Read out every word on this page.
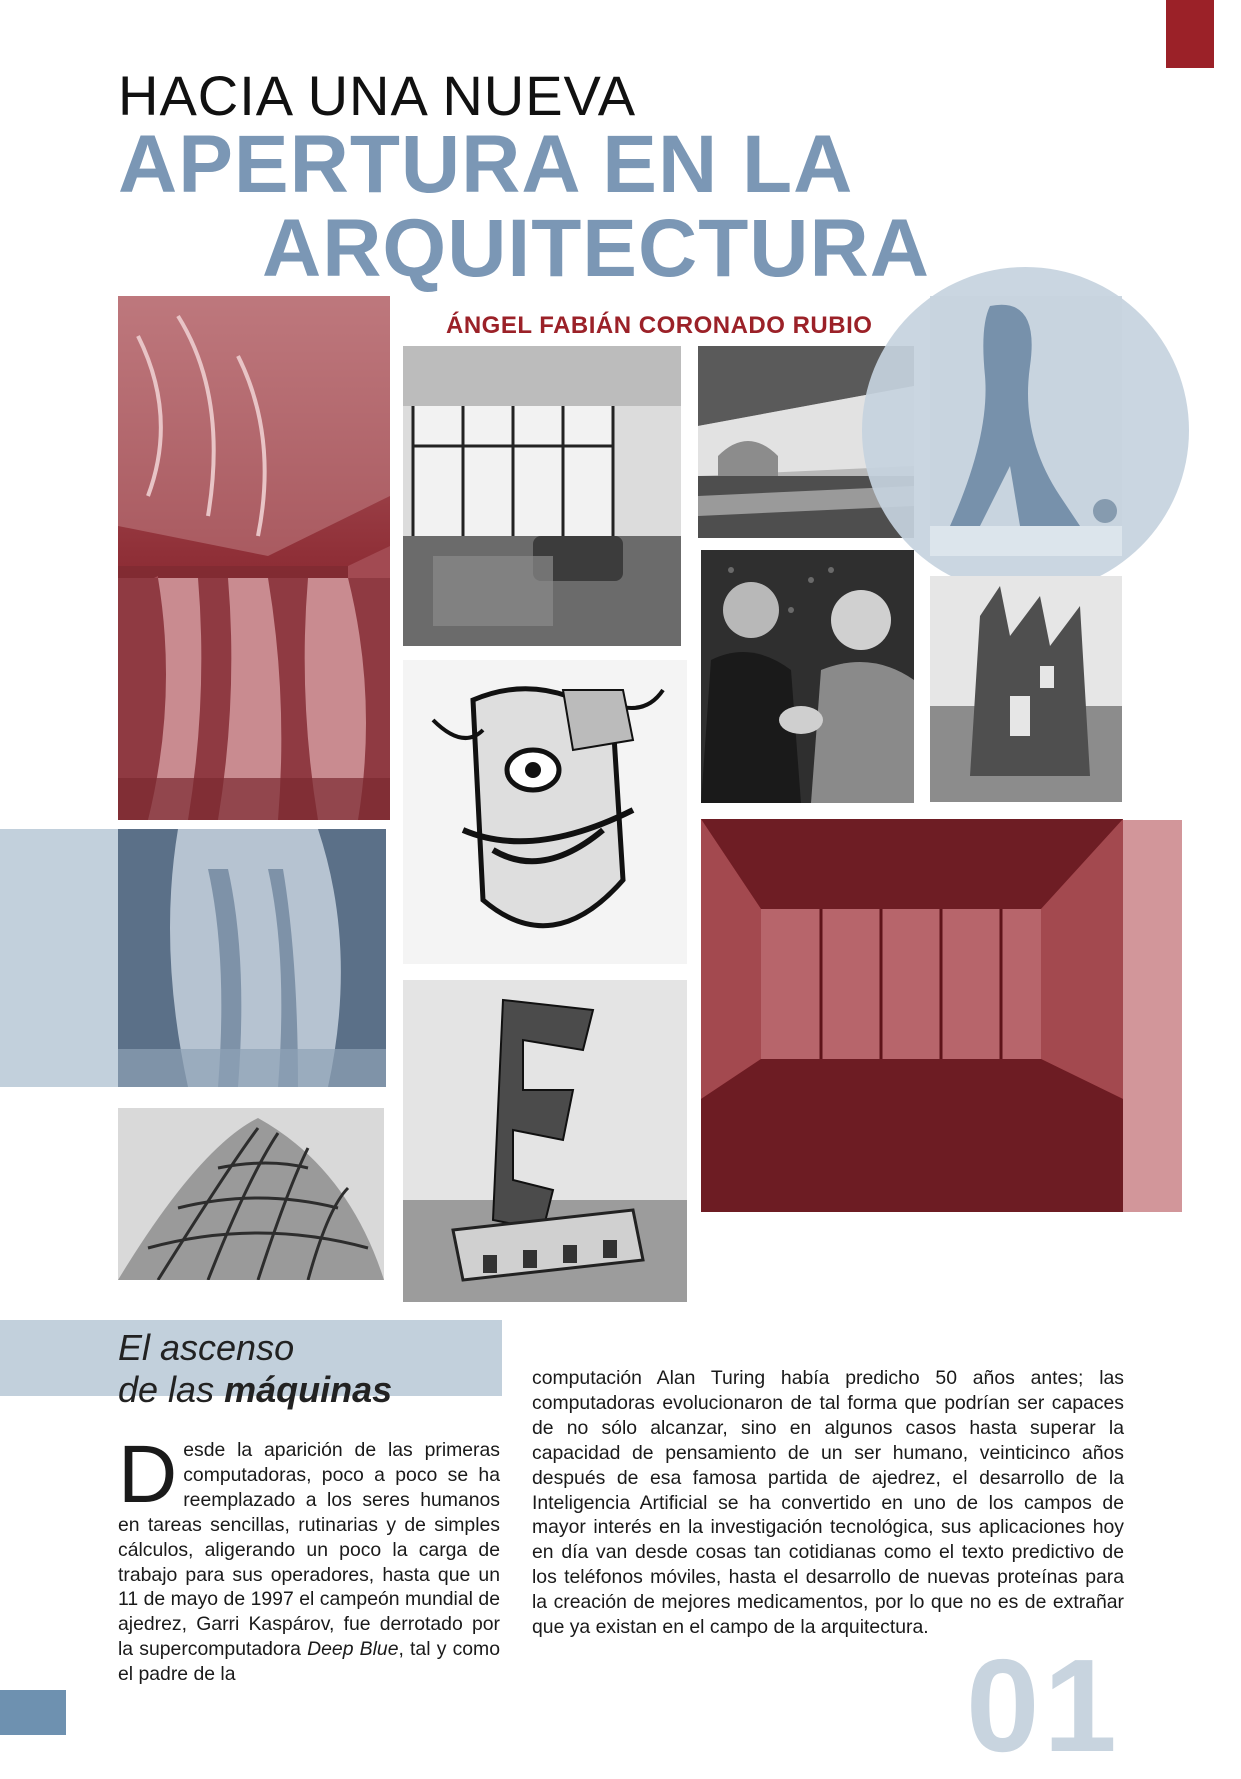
HACIA UNA NUEVA
APERTURA EN LA
ARQUITECTURA
ÁNGEL FABIÁN CORONADO RUBIO
El ascenso
de las máquinas
Desde la aparición de las primeras computadoras, poco a poco se ha reemplazado a los seres humanos en tareas sencillas, rutinarias y de simples cálculos, aligerando un poco la carga de trabajo para sus operadores, hasta que un 11 de mayo de 1997 el campeón mundial de ajedrez, Garri Kaspárov, fue derrotado por la supercomputadora Deep Blue, tal y como el padre de la
computación Alan Turing había predicho 50 años antes; las computadoras evolucionaron de tal forma que podrían ser capaces de no sólo alcanzar, sino en algunos casos hasta superar la capacidad de pensamiento de un ser humano, veinticinco años después de esa famosa partida de ajedrez, el desarrollo de la Inteligencia Artificial se ha convertido en uno de los campos de mayor interés en la investigación tecnológica, sus aplicaciones hoy en día van desde cosas tan cotidianas como el texto predictivo de los teléfonos móviles, hasta el desarrollo de nuevas proteínas para la creación de mejores medicamentos, por lo que no es de extrañar que ya existan en el campo de la arquitectura.
01
